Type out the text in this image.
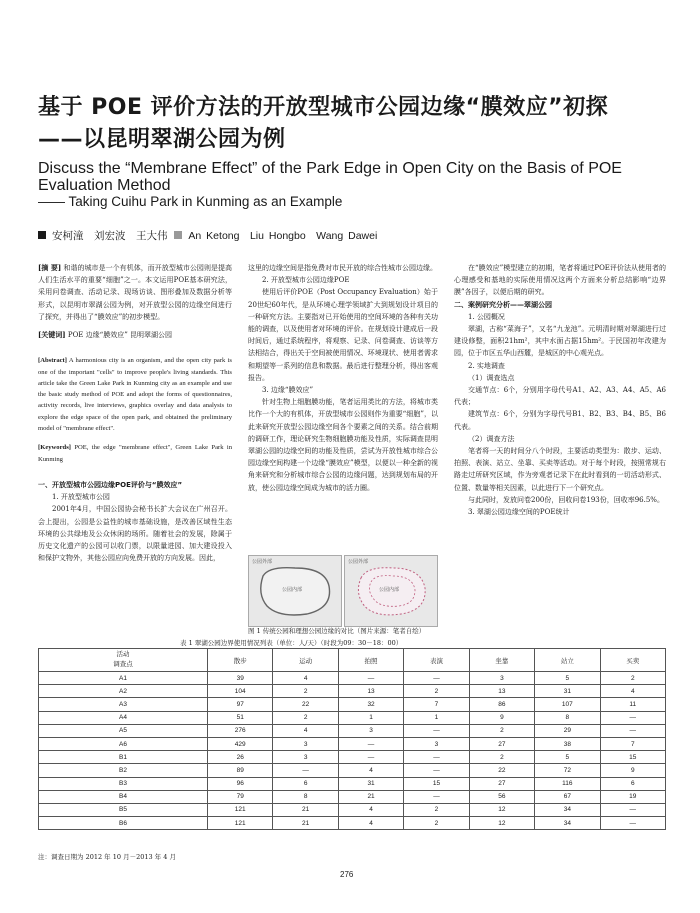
基于 POE 评价方法的开放型城市公园边缘“膜效应”初探
——以昆明翠湖公园为例
Discuss the “Membrane Effect” of the Park Edge in Open City on the Basis of POE Evaluation Method
—— Taking Cuihu Park in Kunming as an Example
安柯潼　刘宏波　王大伟 An Ketong　Liu Hongbo　Wang Dawei

[摘 要] 和谐的城市是一个有机体，而开放型城市公园则是提高人们生活水平的重要“细胞”之一。本文运用POE基本研究法，采用问卷调查、活动记录、现场访谈、图形叠加及数据分析等形式，以昆明市翠湖公园为例，对开放型公园的边缘空间进行了探究，并得出了“膜效应”的初步模型。

[关键词] POE 边缘“膜效应” 昆明翠湖公园

[Abstract] A harmonious city is an organism, and the open city park is one of the important "cells" to improve people's living standards. This article take the Green Lake Park in Kunming city as an example and use the basic study method of POE and adopt the forms of questionnaires, activity records, live interviews, graphics overlay and data analysis to explore the edge space of the open park, and obtained the preliminary model of "membrane effect".

[Keywords] POE, the edge "membrane effect", Green Lake Park in Kunming

一、开放型城市公园边缘POE评价与“膜效应”

1. 开放型城市公园

2001年4月，中国公园协会秘书长扩大会议在广州召开。会上提出，公园是公益性的城市基础设施，是改善区域性生态环境的公共绿地及公众休闲的场所。随着社会的发展，除属于历史文化遗产的公园可以收门票，以限量进园、加大建设投入和保护文物外，其他公园应向免费开放的方向发展。因此，

这里的边缘空间是指免费对市民开放的综合性城市公园边缘。

2. 开放型城市公园边缘POE

使用后评价POE（Post Occupancy Evaluation）始于20世纪60年代，是从环境心理学领域扩大到规划设计项目的一种研究方法。主要指对已开始使用的空间环境的各种有关功能的调查，以及使用者对环境的评价。在规划设计建成后一段时间后，通过系统程序，将观察、记录、问卷调查、访谈等方法相结合，得出关于空间被使用情况、环境现状、使用者需求和期望等一系列的信息和数据。最后进行整理分析，得出客观报告。

3. 边缘“膜效应”

针对生物上细胞膜功能，笔者运用类比的方法，将城市类比作一个大的有机体，开放型城市公园则作为重要“细胞”，以此来研究开放型公园边缘空间各个要素之间的关系。结合前期的调研工作，理论研究生物细胞膜功能及性质，实际调查昆明翠湖公园的边缘空间的功能及性质，尝试为开放性城市综合公园边缘空间构建一个边缘“膜效应”模型，以便以一种全新的视角来研究和分析城市综合公园的边缘问题，达到规划布局的开放，使公园边缘空间成为城市的活力圈。

公园外部
公园内部
公园外部
公园内部
图 1 传统公园和理想公园边缘的对比（图片来源：笔者自绘）

在“膜效应”模型建立的初期，笔者将通过POE评价法从使用者的心理感受和基地的实际使用情况这两个方面来分析总结影响“边界膜”各因子，以便后期的研究。

二、案例研究分析——翠湖公园

1. 公园概况

翠湖，古称“菜海子”，又名“九龙池”。元明清时期对翠湖进行过建设修整，面积21hm²，其中水面占据15hm²。于民国初年改建为园，位于市区五华山西麓，是城区的中心观光点。

2. 实地调查

（1）调查选点

交通节点：6个，分别用字母代号A1、A2、A3、A4、A5、A6代表；

建筑节点：6个，分别为字母代号B1、B2、B3、B4、B5、B6代表。

（2）调查方法

笔者将一天的时间分八个时段，主要活动类型为：散步、运动、拍照、表演、站立、坐靠、买卖等活动。对于每个时段，按照常规右路走过所研究区域，作为旁观者记录下在此时看到的一切活动形式、位置、数量等相关因素，以此进行下一个研究点。

与此同时，发放问卷200份，回收问卷193份，回收率96.5%。

3. 翠湖公园边缘空间的POE统计

表 1 翠湖公园边界使用情况列表（单位：人/天）（时段为09：30－18：00）
活动
调查点	散步	运动	拍照	表演	坐靠	站立	买卖
A1	39	4	—	—	3	5	2
A2	104	2	13	2	13	31	4
A3	97	22	32	7	86	107	11
A4	51	2	1	1	9	8	—
A5	276	4	3	—	2	29	—
A6	429	3	—	3	27	38	7
B1	26	3	—	—	2	5	15
B2	89	—	4	—	22	72	9
B3	96	6	31	15	27	116	6
B4	79	8	21	—	56	67	19
B5	121	21	4	2	12	34	—
B6	121	21	4	2	12	34	—
注：调查日期为 2012 年 10 月－2013 年 4 月
276
